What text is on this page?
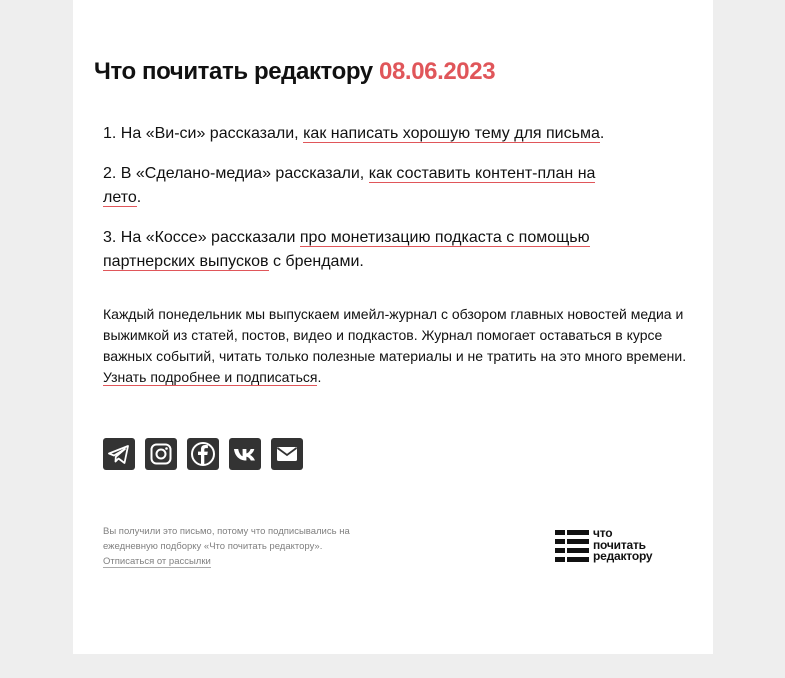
Что почитать редактору 08.06.2023

1. На «Ви-си» рассказали, как написать хорошую тему для письма.

2. В «Сделано-медиа» рассказали, как составить контент-план на лето.

3. На «Коссе» рассказали про монетизацию подкаста с помощью партнерских выпусков с брендами.

Каждый понедельник мы выпускаем имейл-журнал с обзором главных новостей медиа и выжимкой из статей, постов, видео и подкастов. Журнал помогает оставаться в курсе важных событий, читать только полезные материалы и не тратить на это много времени. Узнать подробнее и подписаться.

Вы получили это письмо, потому что подписывались на ежедневную подборку «Что почитать редактору».
Отписаться от рассылки

что
почитать
редактору
